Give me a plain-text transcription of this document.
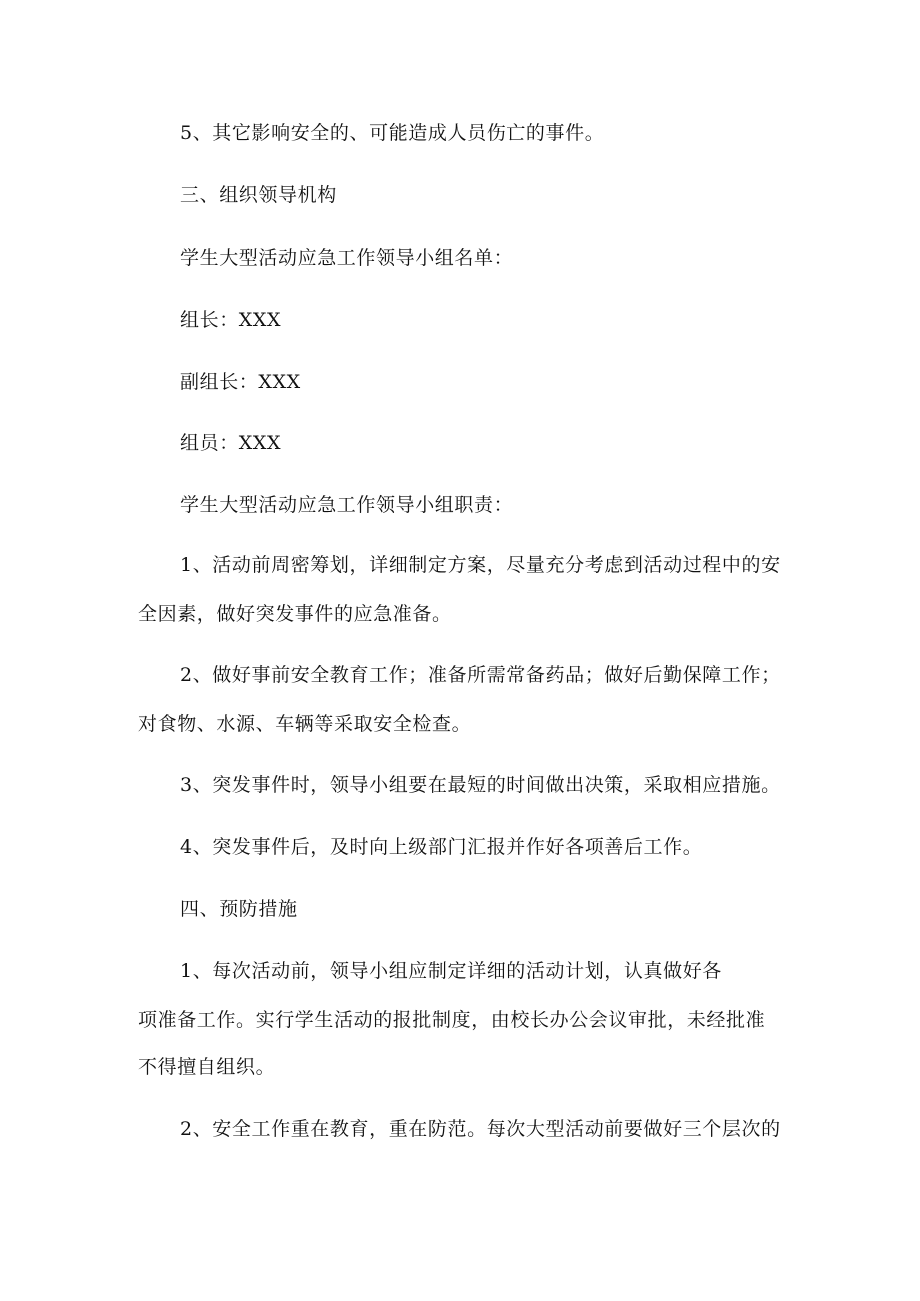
5、其它影响安全的、可能造成人员伤亡的事件。

三、组织领导机构

学生大型活动应急工作领导小组名单：

组长：XXX

副组长：XXX

组员：XXX

学生大型活动应急工作领导小组职责：

1、活动前周密筹划，详细制定方案，尽量充分考虑到活动过程中的安

全因素，做好突发事件的应急准备。

2、做好事前安全教育工作；准备所需常备药品；做好后勤保障工作；

对食物、水源、车辆等采取安全检查。

3、突发事件时，领导小组要在最短的时间做出决策，采取相应措施。

4、突发事件后，及时向上级部门汇报并作好各项善后工作。

四、预防措施

1、每次活动前，领导小组应制定详细的活动计划，认真做好各

项准备工作。实行学生活动的报批制度，由校长办公会议审批，未经批准

不得擅自组织。

2、安全工作重在教育，重在防范。每次大型活动前要做好三个层次的
